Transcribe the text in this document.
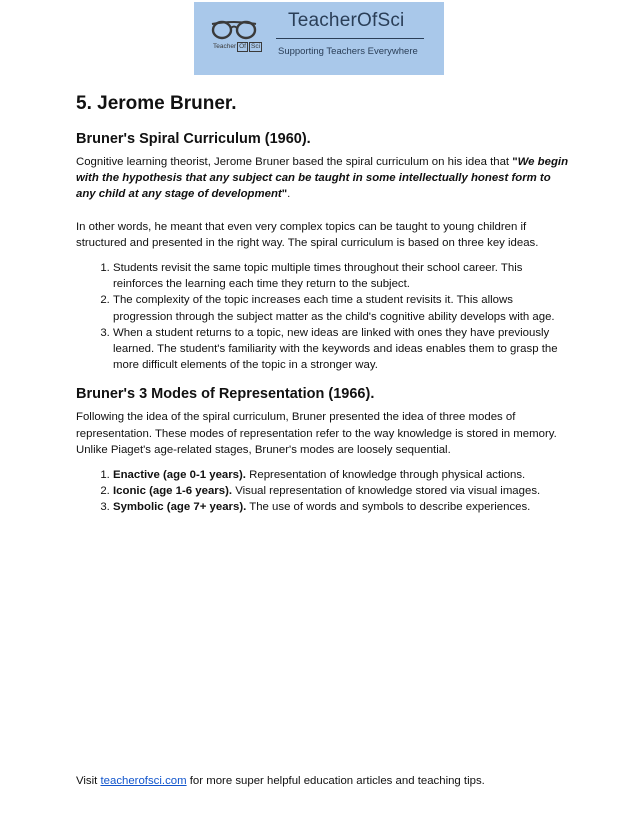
Teacher Of Sci
TeacherOfSci
Supporting Teachers Everywhere
5. Jerome Bruner.
Bruner's Spiral Curriculum (1960).

Cognitive learning theorist, Jerome Bruner based the spiral curriculum on his idea that "We begin with the hypothesis that any subject can be taught in some intellectually honest form to any child at any stage of development".

In other words, he meant that even very complex topics can be taught to young children if structured and presented in the right way. The spiral curriculum is based on three key ideas.

1. Students revisit the same topic multiple times throughout their school career. This reinforces the learning each time they return to the subject.
2. The complexity of the topic increases each time a student revisits it. This allows progression through the subject matter as the child's cognitive ability develops with age.
3. When a student returns to a topic, new ideas are linked with ones they have previously learned. The student's familiarity with the keywords and ideas enables them to grasp the more difficult elements of the topic in a stronger way.
Bruner's 3 Modes of Representation (1966).

Following the idea of the spiral curriculum, Bruner presented the idea of three modes of representation. These modes of representation refer to the way knowledge is stored in memory. Unlike Piaget's age-related stages, Bruner's modes are loosely sequential.

1. Enactive (age 0-1 years). Representation of knowledge through physical actions.
2. Iconic (age 1-6 years). Visual representation of knowledge stored via visual images.
3. Symbolic (age 7+ years). The use of words and symbols to describe experiences.
Visit teacherofsci.com for more super helpful education articles and teaching tips.
